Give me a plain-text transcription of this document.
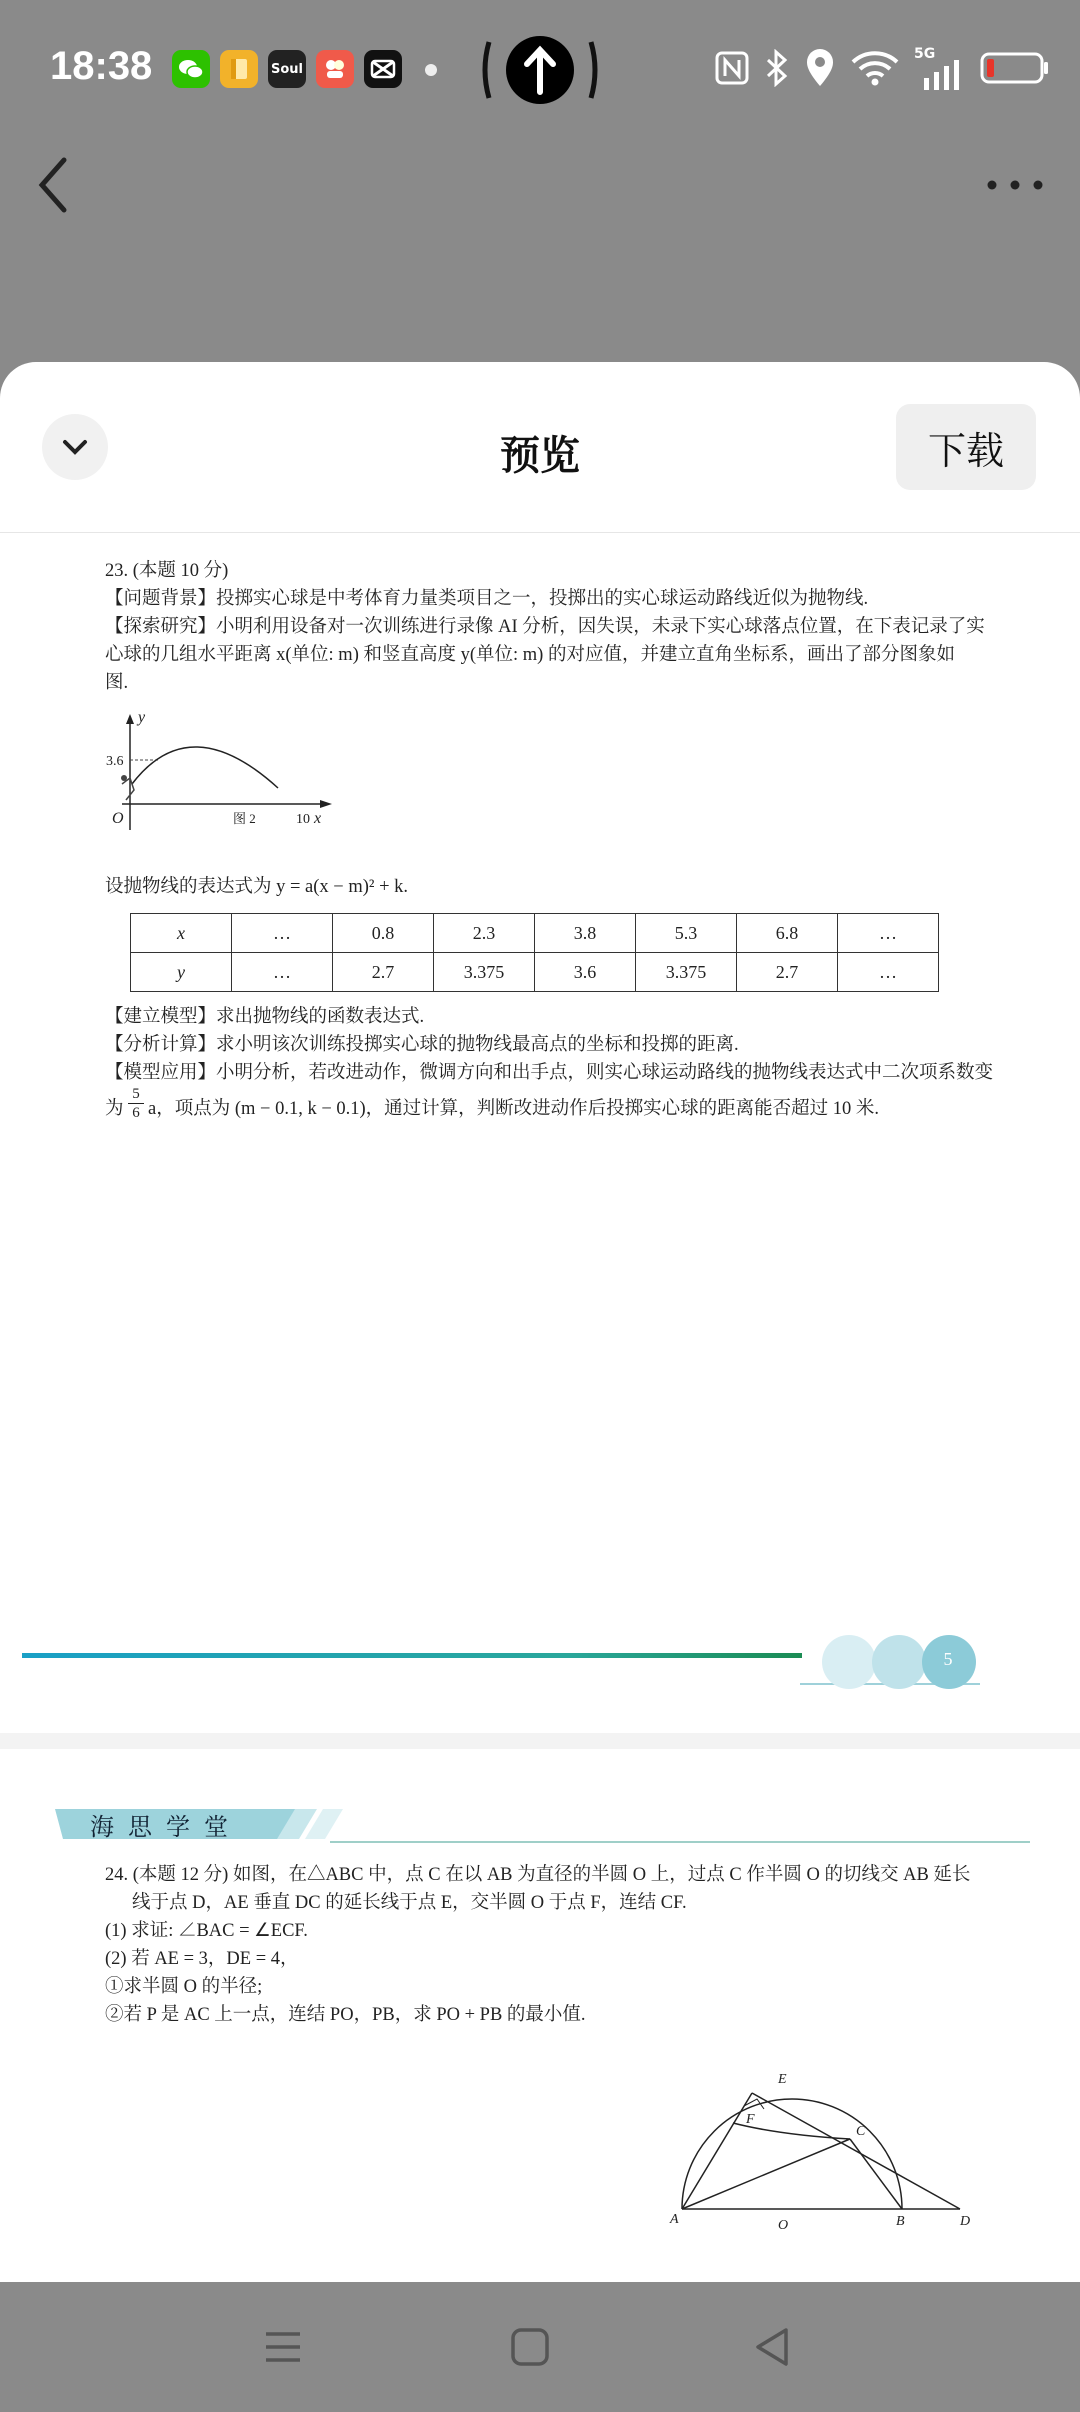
18:38	Soul
5G
预览	下载
23. (本题 10 分)
【问题背景】投掷实心球是中考体育力量类项目之一，投掷出的实心球运动路线近似为抛物线.
【探索研究】小明利用设备对一次训练进行录像 AI 分析，因失误，未录下实心球落点位置，在下表记录了实
心球的几组水平距离 x(单位: m) 和竖直高度 y(单位: m) 的对应值，并建立直角坐标系，画出了部分图象如
图.
y
3.6
O	图 2	10 x
设抛物线的表达式为 y = a(x − m)² + k.
x	…	0.8	2.3	3.8	5.3	6.8	…
y	…	2.7	3.375	3.6	3.375	2.7	…
【建立模型】求出抛物线的函数表达式.
【分析计算】求小明该次训练投掷实心球的抛物线最高点的坐标和投掷的距离.
【模型应用】小明分析，若改进动作，微调方向和出手点，则实心球运动路线的抛物线表达式中二次项系数变
为 $\frac{5}{6}$ a，项点为 (m − 0.1, k − 0.1)，通过计算，判断改进动作后投掷实心球的距离能否超过 10 米.
5
海思学堂
24. (本题 12 分) 如图，在△ABC 中，点 C 在以 AB 为直径的半圆 O 上，过点 C 作半圆 O 的切线交 AB 延长
线于点 D，AE 垂直 DC 的延长线于点 E，交半圆 O 于点 F，连结 CF.
(1) 求证: ∠BAC = ∠ECF.
(2) 若 AE = 3，DE = 4，
①求半圆 O 的半径;
②若 P 是 AC 上一点，连结 PO，PB，求 PO + PB 的最小值.
E
F
C
A	O	B	D
